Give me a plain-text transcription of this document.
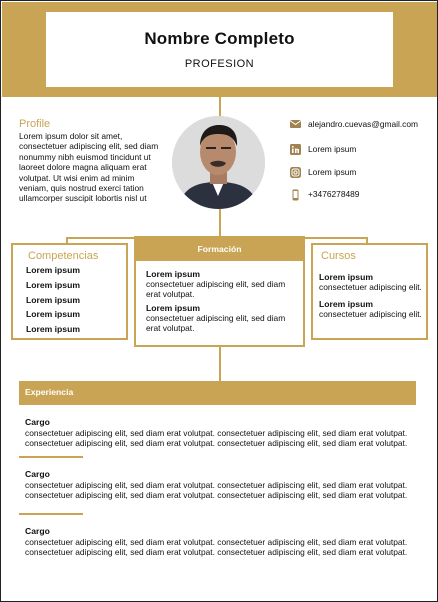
Nombre Completo
PROFESION
Profile
Lorem ipsum dolor sit amet,
consectetuer adipiscing elit, sed diam
nonummy nibh euismod tincidunt ut
laoreet dolore magna aliquam erat
volutpat. Ut wisi enim ad minim
veniam, quis nostrud exerci tation
ullamcorper suscipit lobortis nisl ut
alejandro.cuevas@gmail.com
Lorem ipsum
Lorem ipsum
+3476278489
Competencias
Lorem ipsum
Lorem ipsum
Lorem ipsum
Lorem ipsum
Lorem ipsum
Formación
Lorem ipsum
consectetuer adipiscing elit, sed diam
erat volutpat.
Lorem ipsum
consectetuer adipiscing elit, sed diam
erat volutpat.
Cursos
Lorem ipsum
consectetuer adipiscing elit.
Lorem ipsum
consectetuer adipiscing elit.
Experiencia
Cargo
consectetuer adipiscing elit, sed diam erat volutpat. consectetuer adipiscing elit, sed diam erat volutpat.
consectetuer adipiscing elit, sed diam erat volutpat. consectetuer adipiscing elit, sed diam erat volutpat.
Cargo
consectetuer adipiscing elit, sed diam erat volutpat. consectetuer adipiscing elit, sed diam erat volutpat.
consectetuer adipiscing elit, sed diam erat volutpat. consectetuer adipiscing elit, sed diam erat volutpat.
Cargo
consectetuer adipiscing elit, sed diam erat volutpat. consectetuer adipiscing elit, sed diam erat volutpat.
consectetuer adipiscing elit, sed diam erat volutpat. consectetuer adipiscing elit, sed diam erat volutpat.
